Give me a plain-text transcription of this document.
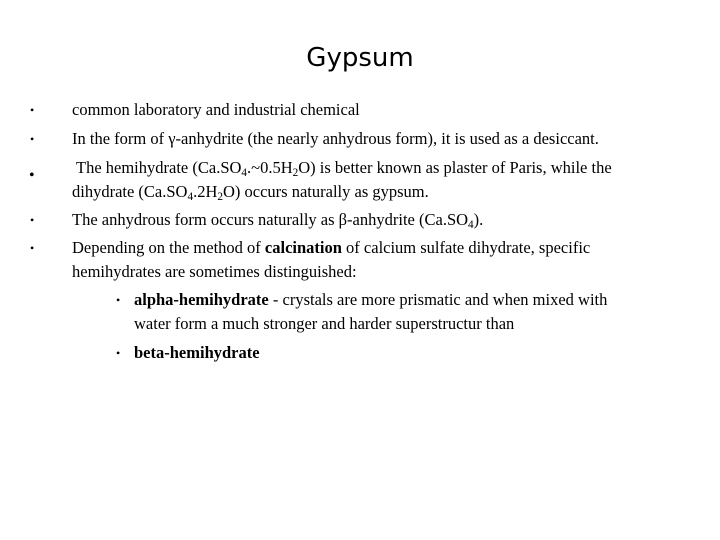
Gypsum
• common laboratory and industrial chemical
• In the form of γ-anhydrite (the nearly anhydrous form), it is used as a desiccant.
•	The hemihydrate $(Ca.SO_4.\sim 0.5H_2O)$ is better known as plaster of Paris, while the
dihydrate $(Ca.SO_4.2H_2O)$ occurs naturally as gypsum.
• The anhydrous form occurs naturally as β-anhydrite $(Ca.SO_4)$.
• Depending on the method of calcination of calcium sulfate dihydrate, specific
hemihydrates are sometimes distinguished:
• alpha-hemihydrate - crystals are more prismatic and when mixed with
water form a much stronger and harder superstructur than
• beta-hemihydrate
